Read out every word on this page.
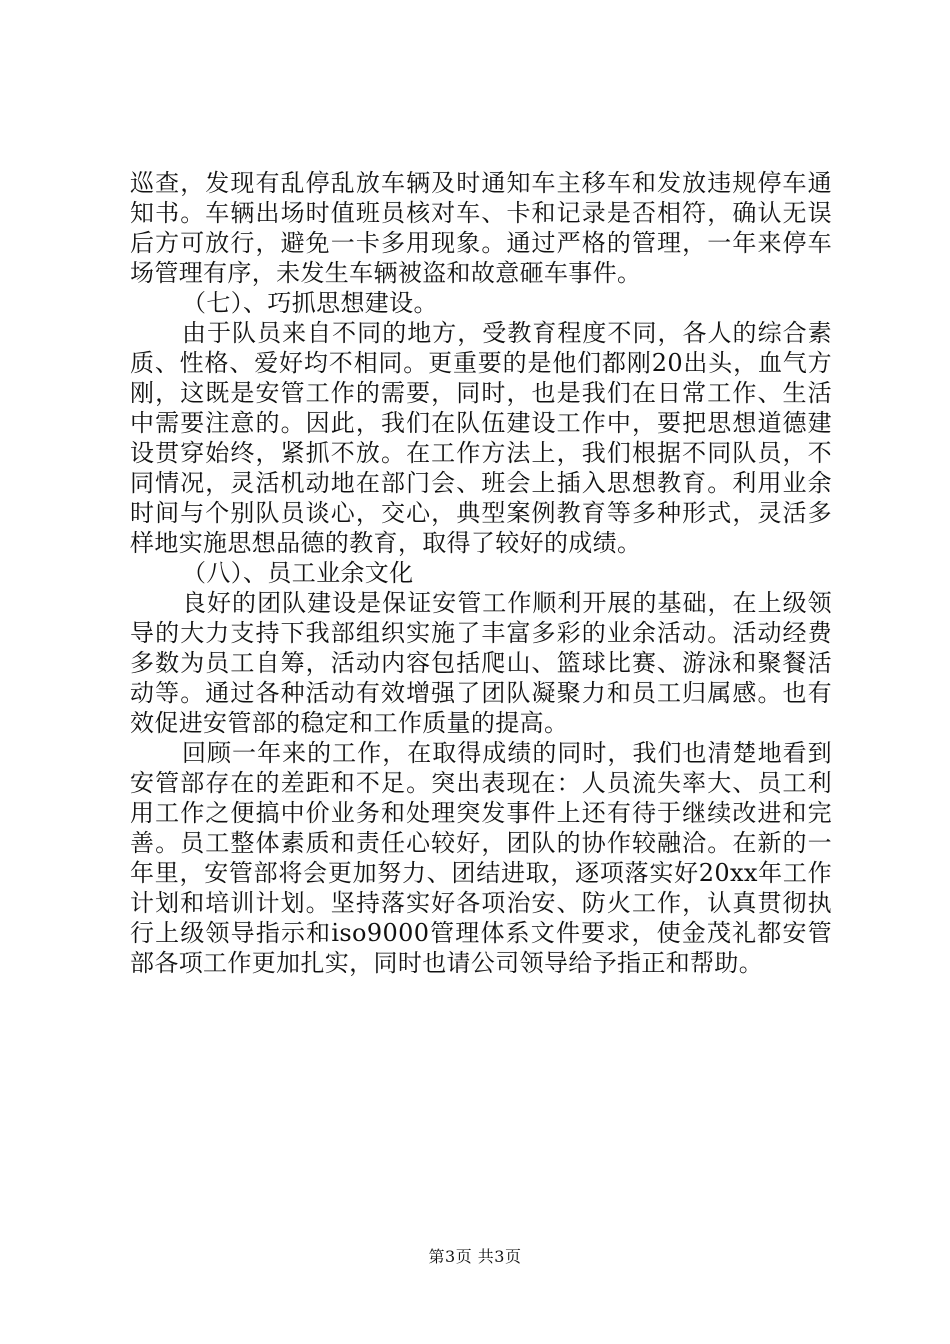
巡查，发现有乱停乱放车辆及时通知车主移车和发放违规停车通知书。车辆出场时值班员核对车、卡和记录是否相符，确认无误后方可放行，避免一卡多用现象。通过严格的管理，一年来停车场管理有序，未发生车辆被盗和故意砸车事件。

（七）、巧抓思想建设。

由于队员来自不同的地方，受教育程度不同，各人的综合素质、性格、爱好均不相同。更重要的是他们都刚20出头，血气方刚，这既是安管工作的需要，同时，也是我们在日常工作、生活中需要注意的。因此，我们在队伍建设工作中，要把思想道德建设贯穿始终，紧抓不放。在工作方法上，我们根据不同队员，不同情况，灵活机动地在部门会、班会上插入思想教育。利用业余时间与个别队员谈心，交心，典型案例教育等多种形式，灵活多样地实施思想品德的教育，取得了较好的成绩。

（八）、员工业余文化

良好的团队建设是保证安管工作顺利开展的基础，在上级领导的大力支持下我部组织实施了丰富多彩的业余活动。活动经费多数为员工自筹，活动内容包括爬山、篮球比赛、游泳和聚餐活动等。通过各种活动有效增强了团队凝聚力和员工归属感。也有效促进安管部的稳定和工作质量的提高。

回顾一年来的工作，在取得成绩的同时，我们也清楚地看到安管部存在的差距和不足。突出表现在：人员流失率大、员工利用工作之便搞中价业务和处理突发事件上还有待于继续改进和完善。员工整体素质和责任心较好，团队的协作较融洽。在新的一年里，安管部将会更加努力、团结进取，逐项落实好20xx年工作计划和培训计划。坚持落实好各项治安、防火工作，认真贯彻执行上级领导指示和iso9000管理体系文件要求，使金茂礼都安管部各项工作更加扎实，同时也请公司领导给予指正和帮助。

第3页 共3页
